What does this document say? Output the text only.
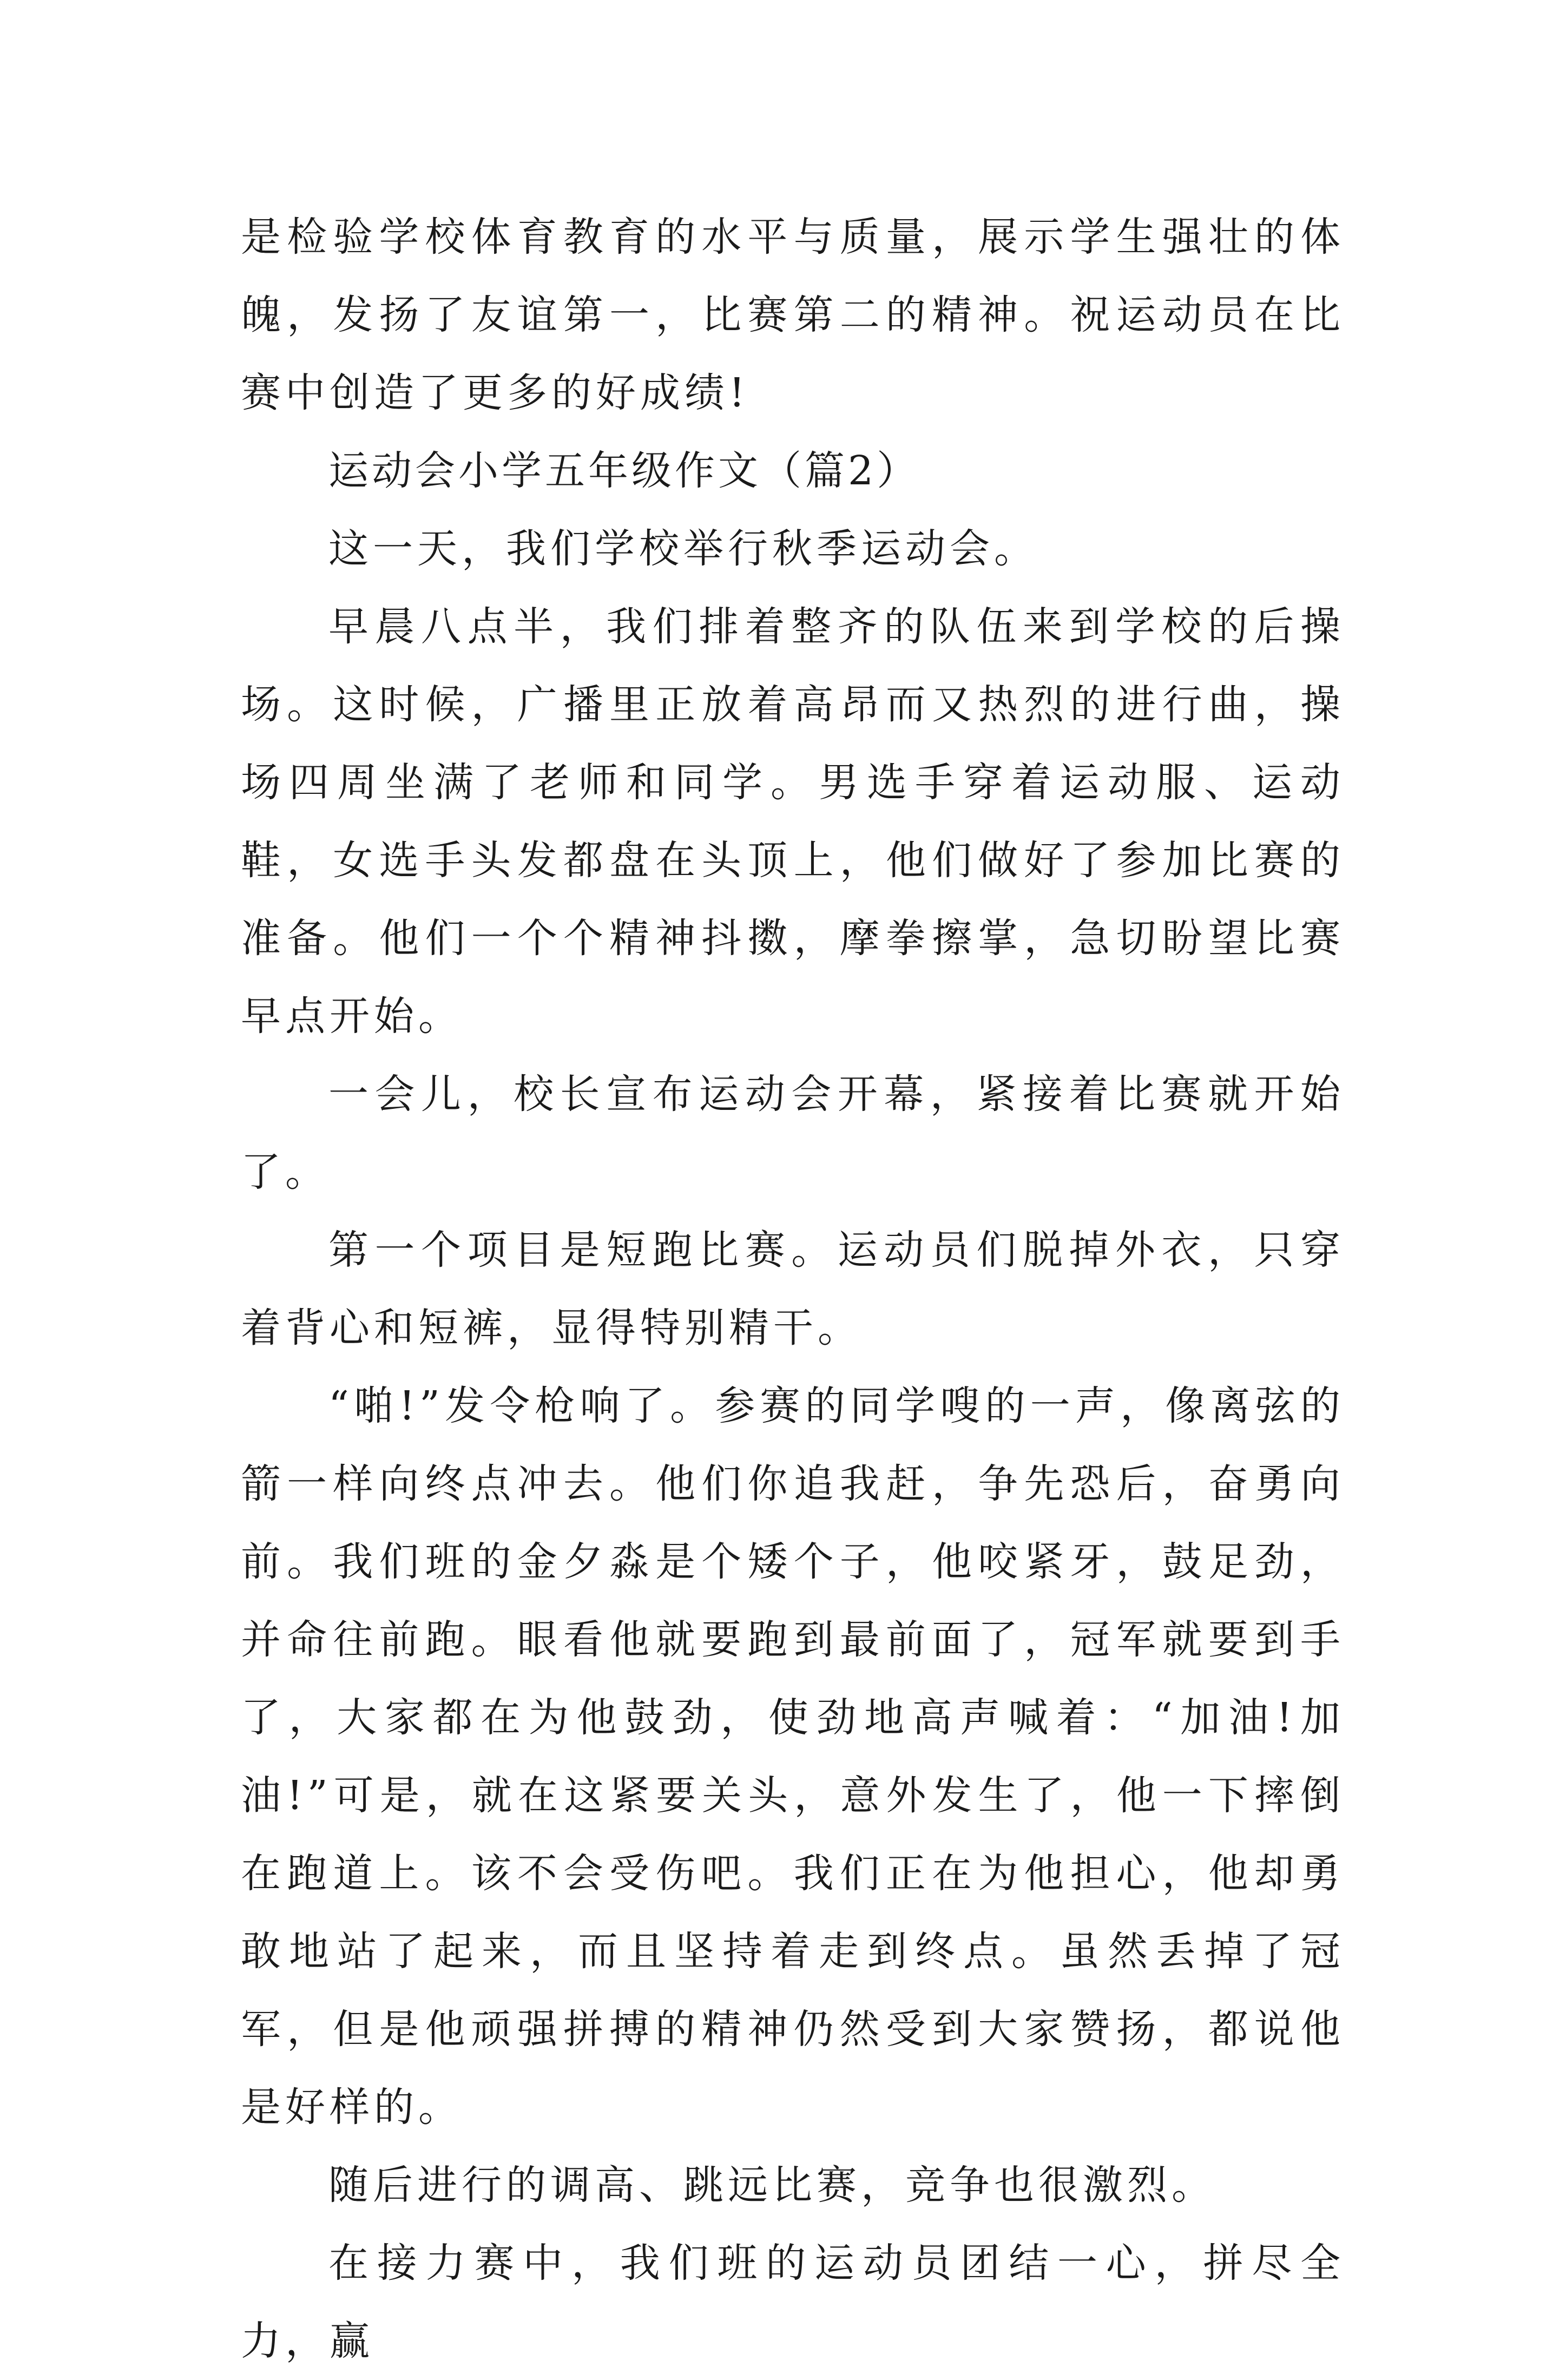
是检验学校体育教育的水平与质量，展示学生强壮的体魄，发扬了友谊第一，比赛第二的精神。祝运动员在比赛中创造了更多的好成绩!

运动会小学五年级作文（篇2）

这一天，我们学校举行秋季运动会。

早晨八点半，我们排着整齐的队伍来到学校的后操场。这时候，广播里正放着高昂而又热烈的进行曲，操场四周坐满了老师和同学。男选手穿着运动服、运动鞋，女选手头发都盘在头顶上，他们做好了参加比赛的准备。他们一个个精神抖擞，摩拳擦掌，急切盼望比赛早点开始。

一会儿，校长宣布运动会开幕，紧接着比赛就开始了。

第一个项目是短跑比赛。运动员们脱掉外衣，只穿着背心和短裤，显得特别精干。

“啪!”发令枪响了。参赛的同学嗖的一声，像离弦的箭一样向终点冲去。他们你追我赶，争先恐后，奋勇向前。我们班的金夕淼是个矮个子，他咬紧牙，鼓足劲，并命往前跑。眼看他就要跑到最前面了，冠军就要到手了，大家都在为他鼓劲，使劲地高声喊着：“加油!加油!”可是，就在这紧要关头，意外发生了，他一下摔倒在跑道上。该不会受伤吧。我们正在为他担心，他却勇敢地站了起来，而且坚持着走到终点。虽然丢掉了冠军，但是他顽强拼搏的精神仍然受到大家赞扬，都说他是好样的。

随后进行的调高、跳远比赛，竞争也很激烈。

在接力赛中，我们班的运动员团结一心，拼尽全力，赢
